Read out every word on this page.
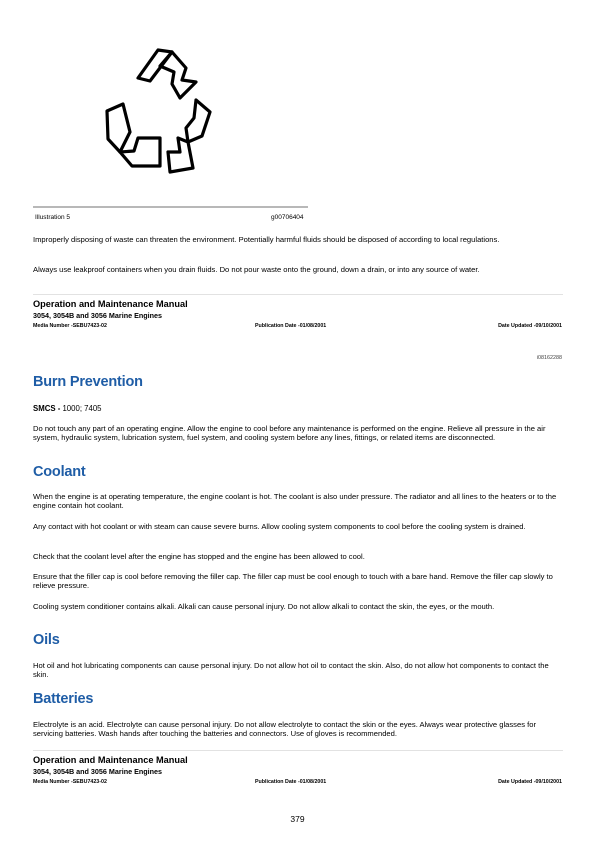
Illustration 5	g00706404
Improperly disposing of waste can threaten the environment. Potentially harmful fluids should be disposed of according to local regulations.
Always use leakproof containers when you drain fluids. Do not pour waste onto the ground, down a drain, or into any source of water.
Operation and Maintenance Manual
3054, 3054B and 3056 Marine Engines
Media Number -SEBU7423-02	Publication Date -01/08/2001	Date Updated -09/10/2001
i08162288
Burn Prevention
SMCS - 1000; 7405
Do not touch any part of an operating engine. Allow the engine to cool before any maintenance is performed on the engine. Relieve all pressure in the air system, hydraulic system, lubrication system, fuel system, and cooling system before any lines, fittings, or related items are disconnected.
Coolant
When the engine is at operating temperature, the engine coolant is hot. The coolant is also under pressure. The radiator and all lines to the heaters or to the engine contain hot coolant.
Any contact with hot coolant or with steam can cause severe burns. Allow cooling system components to cool before the cooling system is drained.
Check that the coolant level after the engine has stopped and the engine has been allowed to cool.
Ensure that the filler cap is cool before removing the filler cap. The filler cap must be cool enough to touch with a bare hand. Remove the filler cap slowly to relieve pressure.
Cooling system conditioner contains alkali. Alkali can cause personal injury. Do not allow alkali to contact the skin, the eyes, or the mouth.
Oils
Hot oil and hot lubricating components can cause personal injury. Do not allow hot oil to contact the skin. Also, do not allow hot components to contact the skin.
Batteries
Electrolyte is an acid. Electrolyte can cause personal injury. Do not allow electrolyte to contact the skin or the eyes. Always wear protective glasses for servicing batteries. Wash hands after touching the batteries and connectors. Use of gloves is recommended.
Operation and Maintenance Manual
3054, 3054B and 3056 Marine Engines
Media Number -SEBU7423-02	Publication Date -01/08/2001	Date Updated -09/10/2001
379
